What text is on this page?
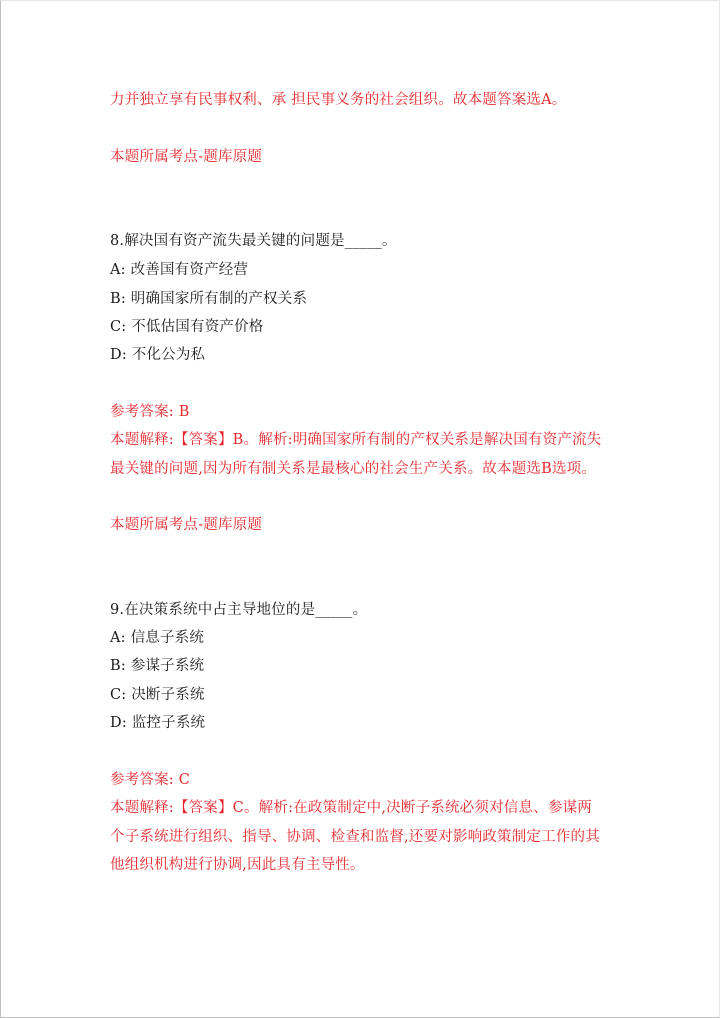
力并独立享有民事权利、承 担民事义务的社会组织。故本题答案选A。
本题所属考点-题库原题
8.解决国有资产流失最关键的问题是_____。
A: 改善国有资产经营
B: 明确国家所有制的产权关系
C: 不低估国有资产价格
D: 不化公为私
参考答案: B
本题解释:【答案】B。解析:明确国家所有制的产权关系是解决国有资产流失
最关键的问题,因为所有制关系是最核心的社会生产关系。故本题选B选项。
本题所属考点-题库原题
9.在决策系统中占主导地位的是_____。
A: 信息子系统
B: 参谋子系统
C: 决断子系统
D: 监控子系统
参考答案: C
本题解释:【答案】C。解析:在政策制定中,决断子系统必须对信息、参谋两
个子系统进行组织、指导、协调、检查和监督,还要对影响政策制定工作的其
他组织机构进行协调,因此具有主导性。
